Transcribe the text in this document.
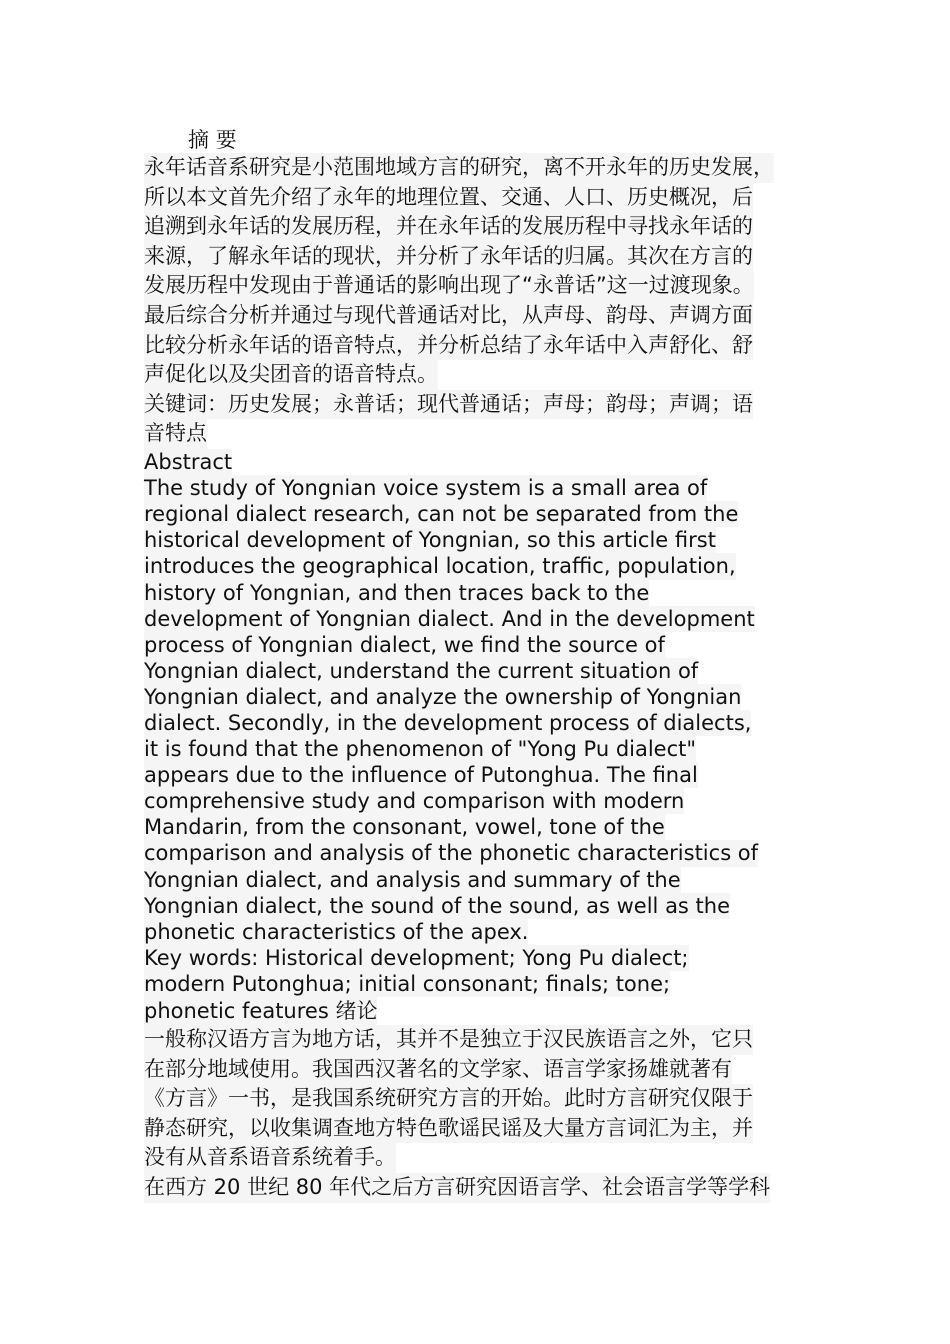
摘 要
永年话音系研究是小范围地域方言的研究，离不开永年的历史发展，
所以本文首先介绍了永年的地理位置、交通、人口、历史概况，后
追溯到永年话的发展历程，并在永年话的发展历程中寻找永年话的
来源，了解永年话的现状，并分析了永年话的归属。其次在方言的
发展历程中发现由于普通话的影响出现了“永普话”这一过渡现象。
最后综合分析并通过与现代普通话对比，从声母、韵母、声调方面
比较分析永年话的语音特点，并分析总结了永年话中入声舒化、舒
声促化以及尖团音的语音特点。
关键词：历史发展；永普话；现代普通话；声母；韵母；声调；语
音特点
Abstract
The study of Yongnian voice system is a small area of
regional dialect research, can not be separated from the
historical development of Yongnian, so this article first
introduces the geographical location, traffic, population,
history of Yongnian, and then traces back to the
development of Yongnian dialect. And in the development
process of Yongnian dialect, we find the source of
Yongnian dialect, understand the current situation of
Yongnian dialect, and analyze the ownership of Yongnian
dialect. Secondly, in the development process of dialects,
it is found that the phenomenon of "Yong Pu dialect"
appears due to the influence of Putonghua. The final
comprehensive study and comparison with modern
Mandarin, from the consonant, vowel, tone of the
comparison and analysis of the phonetic characteristics of
Yongnian dialect, and analysis and summary of the
Yongnian dialect, the sound of the sound, as well as the
phonetic characteristics of the apex.
Key words: Historical development; Yong Pu dialect;
modern Putonghua; initial consonant; finals; tone;
phonetic features 绪论
一般称汉语方言为地方话，其并不是独立于汉民族语言之外，它只
在部分地域使用。我国西汉著名的文学家、语言学家扬雄就著有
《方言》一书，是我国系统研究方言的开始。此时方言研究仅限于
静态研究，以收集调查地方特色歌谣民谣及大量方言词汇为主，并
没有从音系语音系统着手。
在西方 20 世纪 80 年代之后方言研究因语言学、社会语言学等学科
